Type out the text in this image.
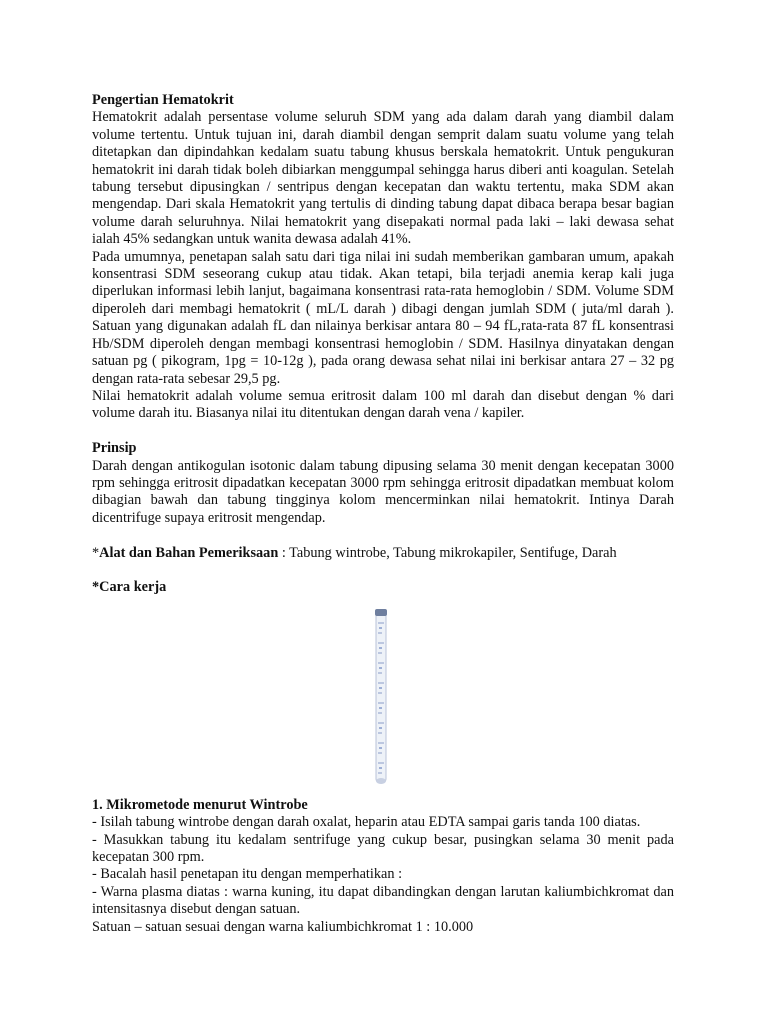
Pengertian Hematokrit

Hematokrit adalah persentase volume seluruh SDM yang ada dalam darah yang diambil dalam volume tertentu. Untuk tujuan ini, darah diambil dengan semprit dalam suatu volume yang telah ditetapkan dan dipindahkan kedalam suatu tabung khusus berskala hematokrit. Untuk pengukuran hematokrit ini darah tidak boleh dibiarkan menggumpal sehingga harus diberi anti koagulan. Setelah tabung tersebut dipusingkan / sentripus dengan kecepatan dan waktu tertentu, maka SDM akan mengendap. Dari skala Hematokrit yang tertulis di dinding tabung dapat dibaca berapa besar bagian volume darah seluruhnya. Nilai hematokrit yang disepakati normal pada laki – laki dewasa sehat ialah 45% sedangkan untuk wanita dewasa adalah 41%.

Pada umumnya, penetapan salah satu dari tiga nilai ini sudah memberikan gambaran umum, apakah konsentrasi SDM seseorang cukup atau tidak. Akan tetapi, bila terjadi anemia kerap kali juga diperlukan informasi lebih lanjut, bagaimana konsentrasi rata-rata hemoglobin / SDM. Volume SDM diperoleh dari membagi hematokrit ( mL/L darah ) dibagi dengan jumlah SDM ( juta/ml darah ). Satuan yang digunakan adalah fL dan nilainya berkisar antara 80 – 94 fL,rata-rata 87 fL konsentrasi Hb/SDM diperoleh dengan membagi konsentrasi hemoglobin / SDM. Hasilnya dinyatakan dengan satuan pg ( pikogram, 1pg = 10-12g ), pada orang dewasa sehat nilai ini berkisar antara 27 – 32 pg dengan rata-rata sebesar 29,5 pg.

Nilai hematokrit adalah volume semua eritrosit dalam 100 ml darah dan disebut dengan % dari volume darah itu. Biasanya nilai itu ditentukan dengan darah vena / kapiler.

Prinsip

Darah dengan antikogulan isotonic dalam tabung dipusing selama 30 menit dengan kecepatan 3000 rpm sehingga eritrosit dipadatkan kecepatan 3000 rpm sehingga eritrosit dipadatkan membuat kolom dibagian bawah dan tabung tingginya kolom mencerminkan nilai hematokrit. Intinya Darah dicentrifuge supaya eritrosit mengendap.

*Alat dan Bahan Pemeriksaan : Tabung wintrobe, Tabung mikrokapiler, Sentifuge, Darah

*Cara kerja

1. Mikrometode menurut Wintrobe

- Isilah tabung wintrobe dengan darah oxalat, heparin atau EDTA sampai garis tanda 100 diatas.

- Masukkan tabung itu kedalam sentrifuge yang cukup besar, pusingkan selama 30 menit pada kecepatan 300 rpm.

- Bacalah hasil penetapan itu dengan memperhatikan :

- Warna plasma diatas : warna kuning, itu dapat dibandingkan dengan larutan kaliumbichkromat dan intensitasnya disebut dengan satuan.

Satuan – satuan sesuai dengan warna kaliumbichkromat 1 : 10.000
